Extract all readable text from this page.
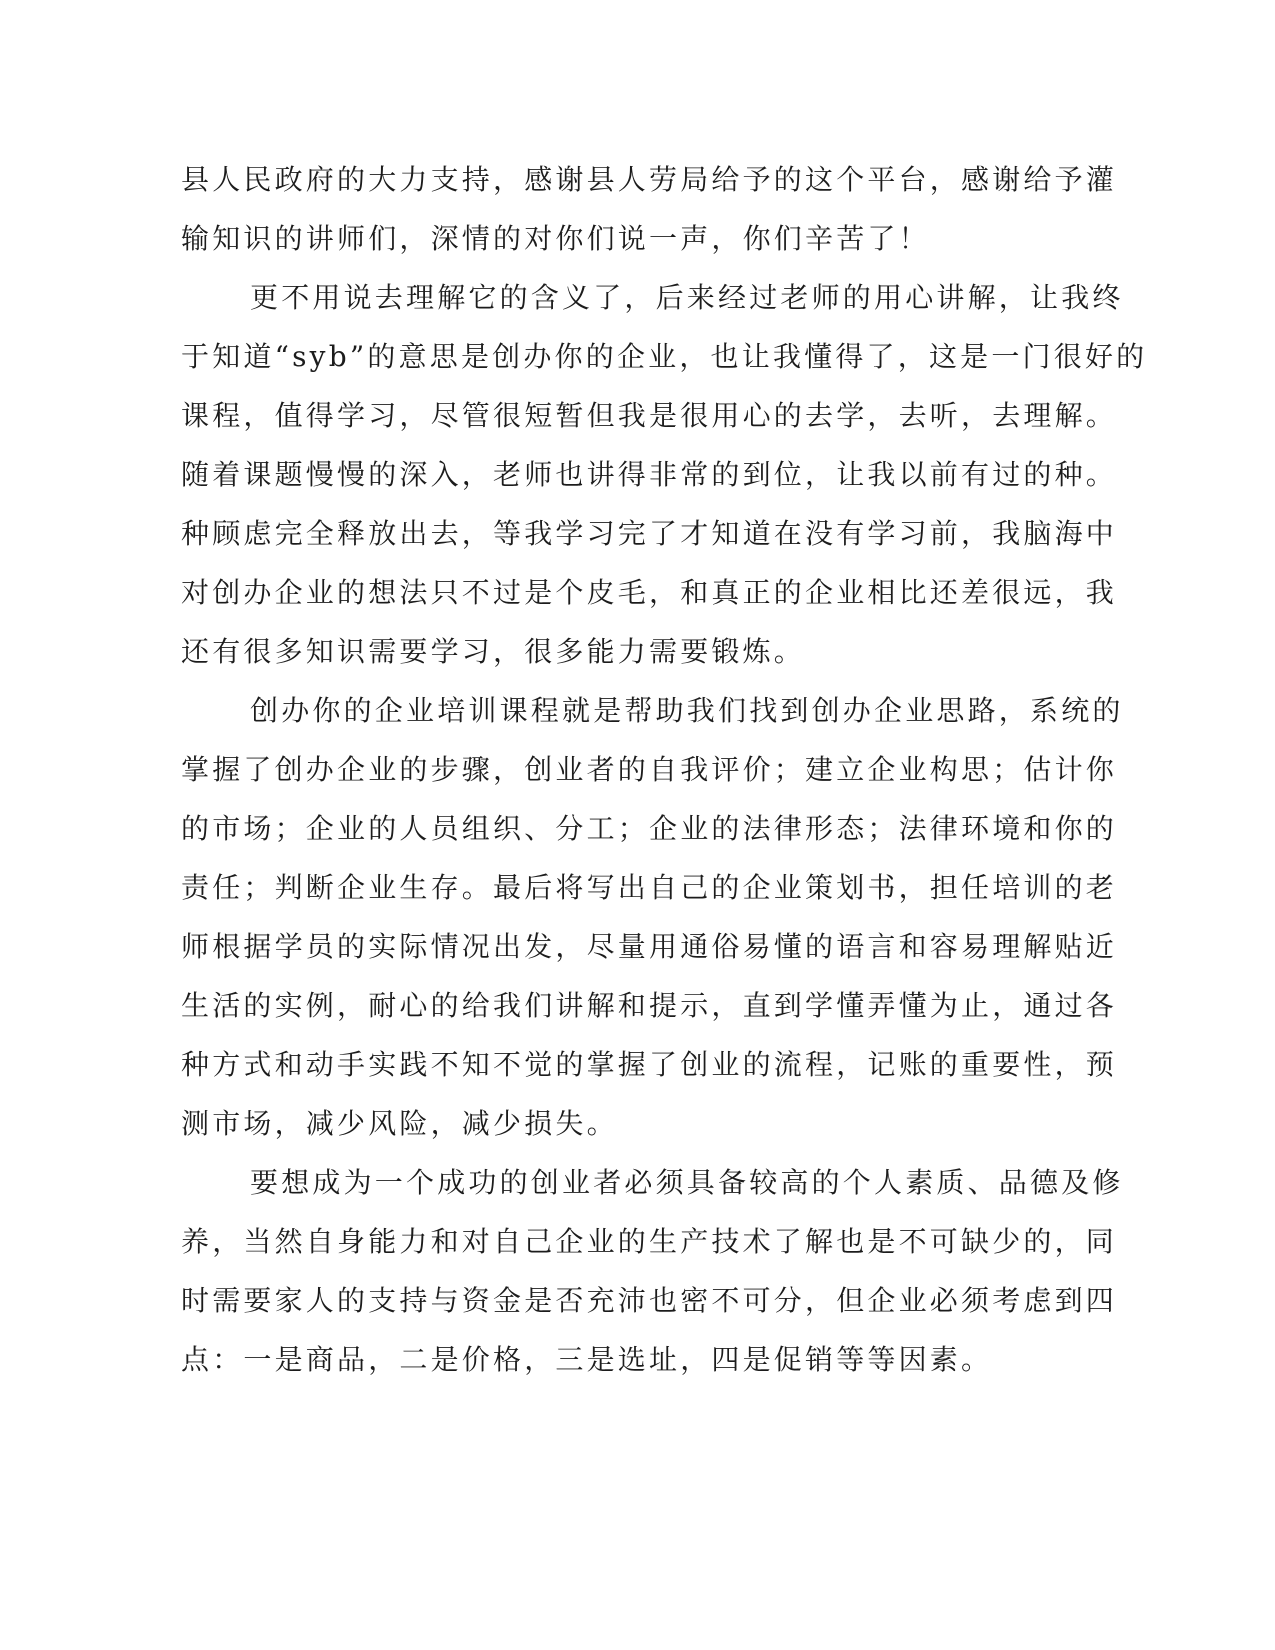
县人民政府的大力支持，感谢县人劳局给予的这个平台，感谢给予灌

输知识的讲师们，深情的对你们说一声，你们辛苦了！

更不用说去理解它的含义了，后来经过老师的用心讲解，让我终

于知道“syb”的意思是创办你的企业，也让我懂得了，这是一门很好的

课程，值得学习，尽管很短暂但我是很用心的去学，去听，去理解。

随着课题慢慢的深入，老师也讲得非常的到位，让我以前有过的种。

种顾虑完全释放出去，等我学习完了才知道在没有学习前，我脑海中

对创办企业的想法只不过是个皮毛，和真正的企业相比还差很远，我

还有很多知识需要学习，很多能力需要锻炼。

创办你的企业培训课程就是帮助我们找到创办企业思路，系统的

掌握了创办企业的步骤，创业者的自我评价；建立企业构思；估计你

的市场；企业的人员组织、分工；企业的法律形态；法律环境和你的

责任；判断企业生存。最后将写出自己的企业策划书，担任培训的老

师根据学员的实际情况出发，尽量用通俗易懂的语言和容易理解贴近

生活的实例，耐心的给我们讲解和提示，直到学懂弄懂为止，通过各

种方式和动手实践不知不觉的掌握了创业的流程，记账的重要性，预

测市场，减少风险，减少损失。

要想成为一个成功的创业者必须具备较高的个人素质、品德及修

养，当然自身能力和对自己企业的生产技术了解也是不可缺少的，同

时需要家人的支持与资金是否充沛也密不可分，但企业必须考虑到四

点：一是商品，二是价格，三是选址，四是促销等等因素。
